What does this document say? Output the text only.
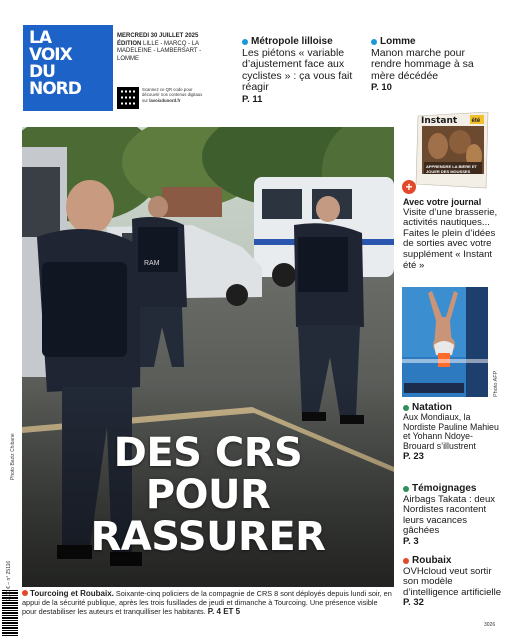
LA
VOIX
DU
NORD
MERCREDI 30 JUILLET 2025
ÉDITION LILLE - MARCQ - LA MADELEINE - LAMBERSART - LOMME
Scannez ce QR code pour découvrir nos contenus digitaux sur lavoixdunord.fr
Métropole lilloise
Les piétons « variable d’ajustement face aux cyclistes » : ça vous fait réagir
P. 11
Lomme
Manon marche pour rendre hommage à sa mère décédée
P. 10
DES CRS
POUR
RASSURER
Photo Baziz Chibane
2,00 € – n° 25116	Tourcoing et Roubaix. Soixante-cinq policiers de la compagnie de CRS 8 sont déployés depuis lundi soir, en appui de la sécurité publique, après les trois fusillades de jeudi et dimanche à Tourcoing. Une présence visible pour destabiliser les auteurs et tranquilliser les habitants. P. 4 ET 5
Instant été
APPRENDRE LA BIÈRE ET JOUER DES MOUSSES
+
Avec votre journal
Visite d’une brasserie, activités nautiques... Faites le plein d’idées de sorties avec votre supplément « Instant été »
Photo AFP
Natation
Aux Mondiaux, la Nordiste Pauline Mahieu et Yohann Ndoye-Brouard s’illustrent
P. 23
Témoignages
Airbags Takata : deux Nordistes racontent leurs vacances gâchées
P. 3
Roubaix
OVHcloud veut sortir son modèle d’intelligence artificielle
P. 32
3026
